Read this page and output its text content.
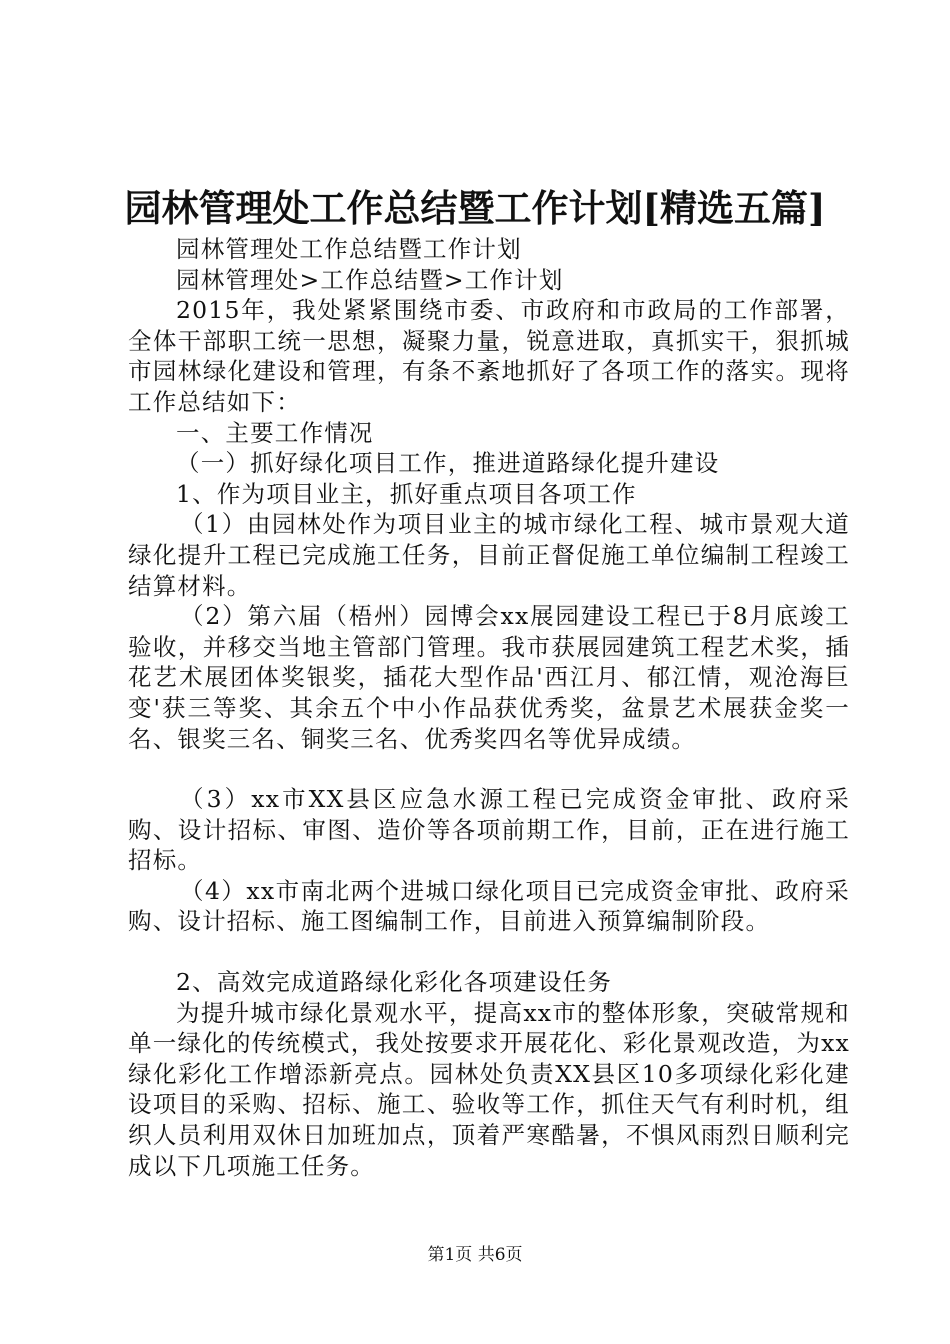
园林管理处工作总结暨工作计划[精选五篇]

园林管理处工作总结暨工作计划

园林管理处>工作总结暨>工作计划

2015年，我处紧紧围绕市委、市政府和市政局的工作部署，全体干部职工统一思想，凝聚力量，锐意进取，真抓实干，狠抓城市园林绿化建设和管理，有条不紊地抓好了各项工作的落实。现将工作总结如下：

一、主要工作情况

（一）抓好绿化项目工作，推进道路绿化提升建设

1、作为项目业主，抓好重点项目各项工作

（1）由园林处作为项目业主的城市绿化工程、城市景观大道绿化提升工程已完成施工任务，目前正督促施工单位编制工程竣工结算材料。

（2）第六届（梧州）园博会xx展园建设工程已于8月底竣工验收，并移交当地主管部门管理。我市获展园建筑工程艺术奖，插花艺术展团体奖银奖，插花大型作品'西江月、郁江情，观沧海巨变'获三等奖、其余五个中小作品获优秀奖，盆景艺术展获金奖一名、银奖三名、铜奖三名、优秀奖四名等优异成绩。

（3）xx市XX县区应急水源工程已完成资金审批、政府采购、设计招标、审图、造价等各项前期工作，目前，正在进行施工招标。

（4）xx市南北两个进城口绿化项目已完成资金审批、政府采购、设计招标、施工图编制工作，目前进入预算编制阶段。

2、高效完成道路绿化彩化各项建设任务

为提升城市绿化景观水平，提高xx市的整体形象，突破常规和单一绿化的传统模式，我处按要求开展花化、彩化景观改造，为xx绿化彩化工作增添新亮点。园林处负责XX县区10多项绿化彩化建设项目的采购、招标、施工、验收等工作，抓住天气有利时机，组织人员利用双休日加班加点，顶着严寒酷暑，不惧风雨烈日顺利完成以下几项施工任务。

第1页 共6页
